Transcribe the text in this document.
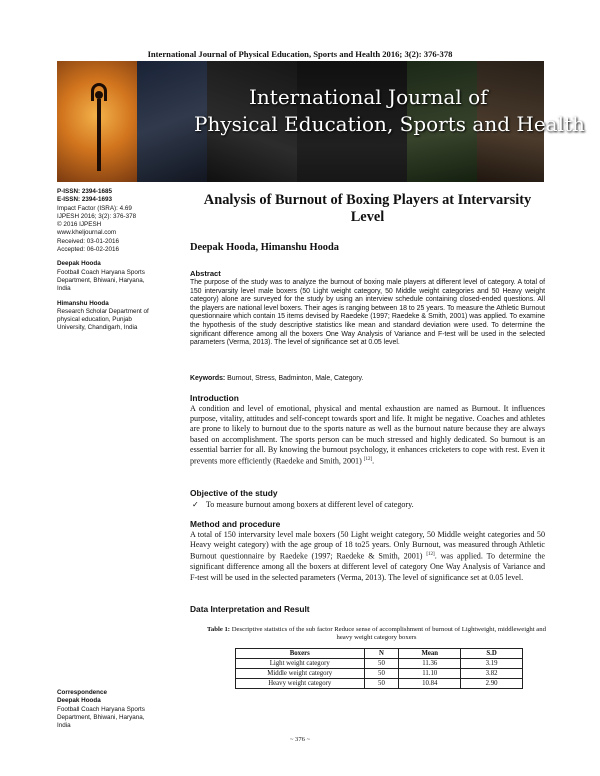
International Journal of Physical Education, Sports and Health 2016; 3(2): 376-378
International Journal of
Physical Education, Sports and Health
P-ISSN: 2394-1685
E-ISSN: 2394-1693
Impact Factor (ISRA): 4.69
IJPESH 2016; 3(2): 376-378
© 2016 IJPESH
www.kheljournal.com
Received: 03-01-2016
Accepted: 06-02-2016
Deepak Hooda
Football Coach Haryana Sports
Department, Bhiwani, Haryana,
India
Himanshu Hooda
Research Scholar Department of
physical education, Punjab
University, Chandigarh, India
Correspondence
Deepak Hooda
Football Coach Haryana Sports
Department, Bhiwani, Haryana,
India
Analysis of Burnout of Boxing Players at Intervarsity Level
Deepak Hooda, Himanshu Hooda
Abstract
The purpose of the study was to analyze the burnout of boxing male players at different level of category. A total of 150 intervarsity level male boxers (50 Light weight category, 50 Middle weight categories and 50 Heavy weight category) alone are surveyed for the study by using an interview schedule containing closed-ended questions. All the players are national level boxers. Their ages is ranging between 18 to 25 years. To measure the Athletic Burnout questionnaire which contain 15 items devised by Raedeke (1997; Raedeke & Smith, 2001) was applied. To examine the hypothesis of the study descriptive statistics like mean and standard deviation were used. To determine the significant difference among all the boxers One Way Analysis of Variance and F-test will be used in the selected parameters (Verma, 2013). The level of significance set at 0.05 level.
Keywords: Burnout, Stress, Badminton, Male, Category.
Introduction
A condition and level of emotional, physical and mental exhaustion are named as Burnout. It influences purpose, vitality, attitudes and self-concept towards sport and life. It might be negative. Coaches and athletes are prone to likely to burnout due to the sports nature as well as the burnout nature because they are always based on accomplishment. The sports person can be much stressed and highly dedicated. So burnout is an essential barrier for all. By knowing the burnout psychology, it enhances cricketers to cope with rest. Even it prevents more efficiently (Raedeke and Smith, 2001) [12].
Objective of the study
✓ To measure burnout among boxers at different level of category.
Method and procedure
A total of 150 intervarsity level male boxers (50 Light weight category, 50 Middle weight categories and 50 Heavy weight category) with the age group of 18 to25 years. Only Burnout, was measured through Athletic Burnout questionnaire by Raedeke (1997; Raedeke & Smith, 2001) [12]. was applied. To determine the significant difference among all the boxers at different level of category One Way Analysis of Variance and F-test will be used in the selected parameters (Verma, 2013). The level of significance set at 0.05 level.
Data Interpretation and Result
Table 1: Descriptive statistics of the sub factor Reduce sense of accomplishment of burnout of Lightweight, middleweight and heavy weight category boxers
Boxers	N	Mean	S.D
Light weight category	50	11.36	3.19
Middle weight category	50	11.10	3.82
Heavy weight category	50	10.84	2.90
~ 376 ~
